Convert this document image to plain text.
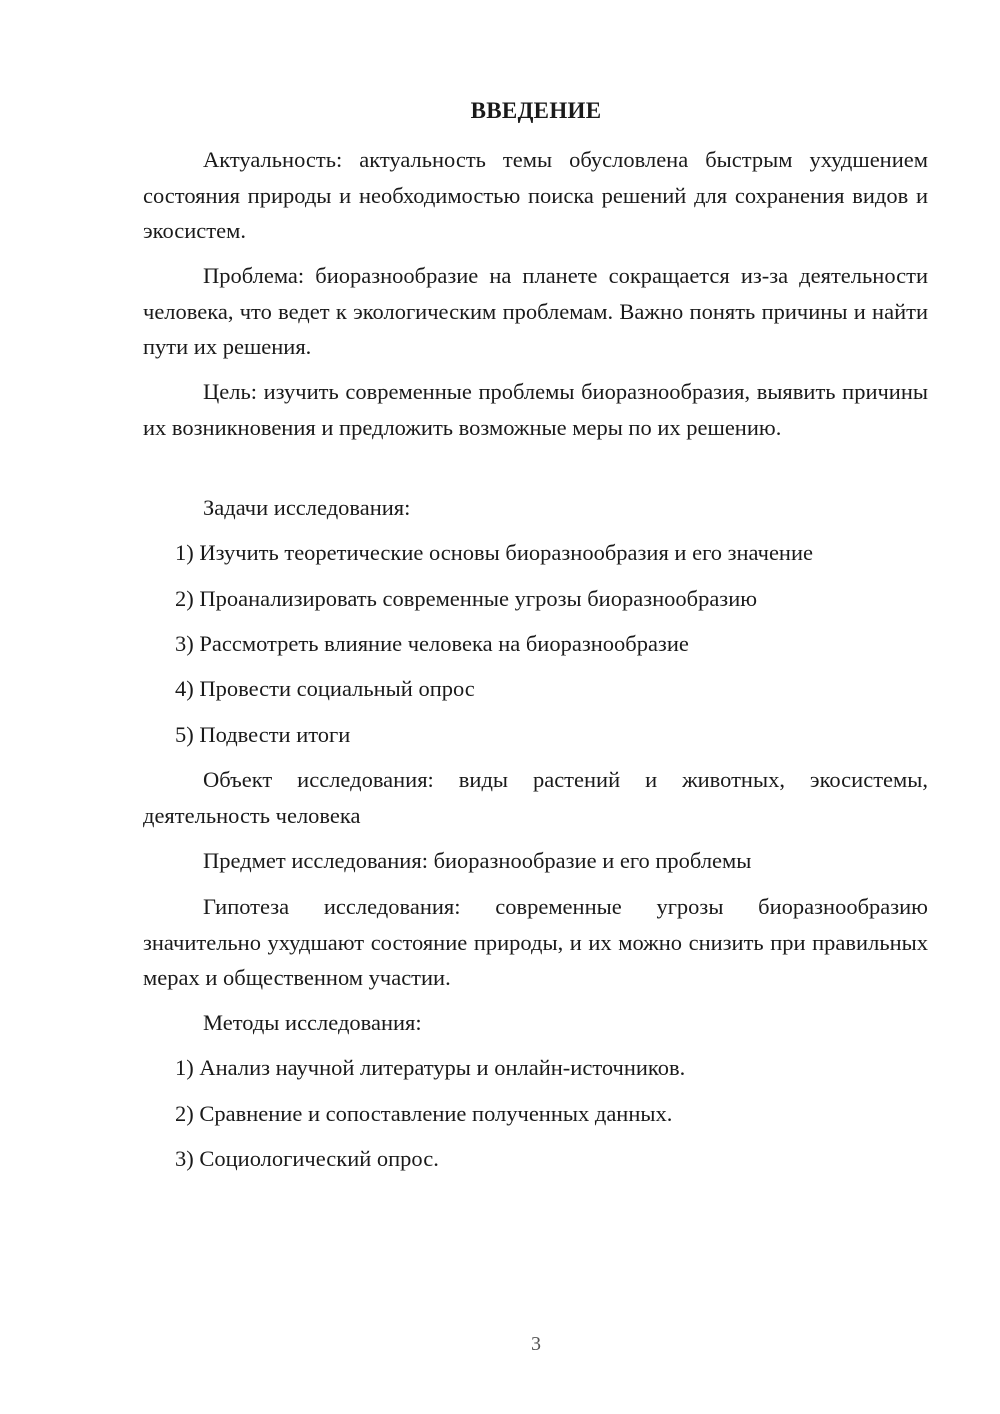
ВВЕДЕНИЕ

Актуальность: актуальность темы обусловлена быстрым ухудшением состояния природы и необходимостью поиска решений для сохранения видов и экосистем.

Проблема: биоразнообразие на планете сокращается из-за деятельности человека, что ведет к экологическим проблемам. Важно понять причины и найти пути их решения.

Цель: изучить современные проблемы биоразнообразия, выявить причины их возникновения и предложить возможные меры по их решению.

Задачи исследования:

1) Изучить теоретические основы биоразнообразия и его значение

2) Проанализировать современные угрозы биоразнообразию

3) Рассмотреть влияние человека на биоразнообразие

4) Провести социальный опрос

5) Подвести итоги

Объект исследования: виды растений и животных, экосистемы, деятельность человека

Предмет исследования: биоразнообразие и его проблемы

Гипотеза исследования: современные угрозы биоразнообразию значительно ухудшают состояние природы, и их можно снизить при правильных мерах и общественном участии.

Методы исследования:

1) Анализ научной литературы и онлайн-источников.

2) Сравнение и сопоставление полученных данных.

3) Социологический опрос.

3
